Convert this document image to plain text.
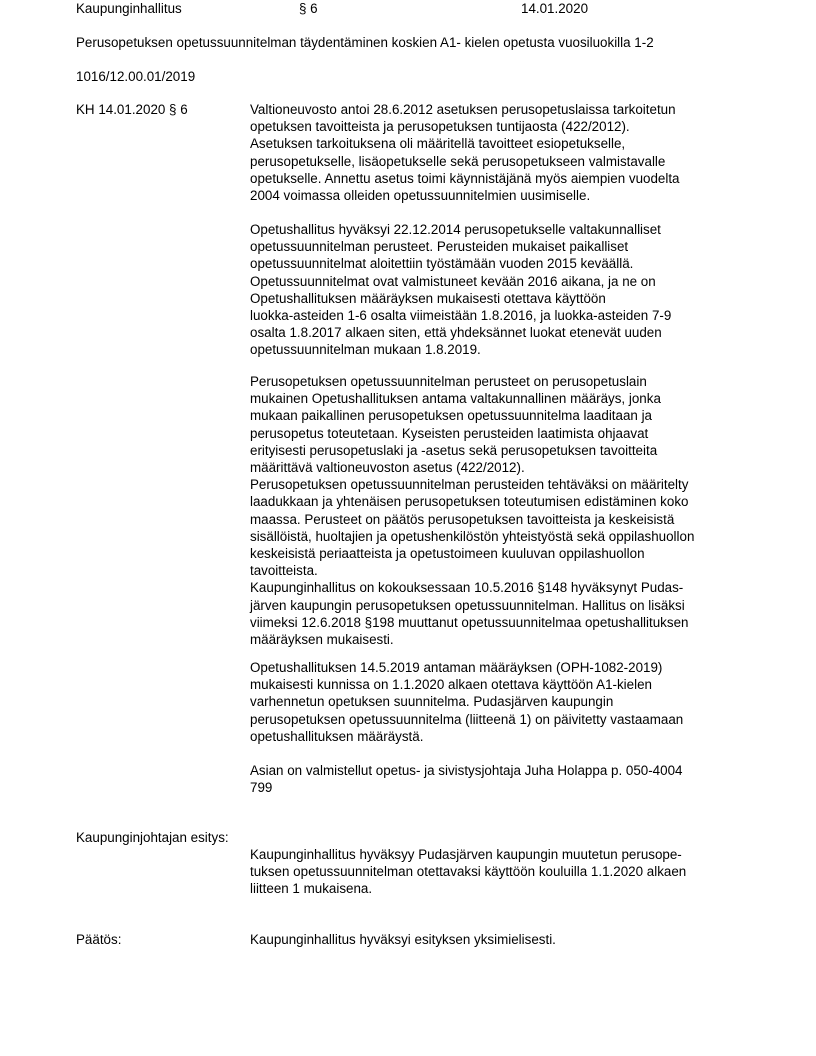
Kaupunginhallitus	§ 6	14.01.2020
Perusopetuksen opetussuunnitelman täydentäminen koskien A1- kielen opetusta vuosiluokilla 1-2
1016/12.00.01/2019
KH 14.01.2020 § 6	Valtioneuvosto antoi 28.6.2012 asetuksen perusopetuslaissa tarkoitetun
opetuksen tavoitteista ja perusopetuksen tuntijaosta (422/2012).
Asetuksen tarkoituksena oli määritellä tavoitteet esiopetukselle,
perusopetukselle, lisäopetukselle sekä perusopetukseen valmistavalle
opetukselle. Annettu asetus toimi käynnistäjänä myös aiempien vuodelta
2004 voimassa olleiden opetussuunnitelmien uusimiselle.
Opetushallitus hyväksyi 22.12.2014 perusopetukselle valtakunnalliset
opetussuunnitelman perusteet. Perusteiden mukaiset paikalliset
opetussuunnitelmat aloitettiin työstämään vuoden 2015 keväällä.
Opetussuunnitelmat ovat valmistuneet kevään 2016 aikana, ja ne on
Opetushallituksen määräyksen mukaisesti otettava käyttöön
luokka-asteiden 1-6 osalta viimeistään 1.8.2016, ja luokka-asteiden 7-9
osalta 1.8.2017 alkaen siten, että yhdeksännet luokat etenevät uuden
opetussuunnitelman mukaan 1.8.2019.
Perusopetuksen opetussuunnitelman perusteet on perusopetuslain
mukainen Opetushallituksen antama valtakunnallinen määräys, jonka
mukaan paikallinen perusopetuksen opetussuunnitelma laaditaan ja
perusopetus toteutetaan. Kyseisten perusteiden laatimista ohjaavat
erityisesti perusopetuslaki ja -asetus sekä perusopetuksen tavoitteita
määrittävä valtioneuvoston asetus (422/2012).
Perusopetuksen opetussuunnitelman perusteiden tehtäväksi on määritelty
laadukkaan ja yhtenäisen perusopetuksen toteutumisen edistäminen koko
maassa. Perusteet on päätös perusopetuksen tavoitteista ja keskeisistä
sisällöistä, huoltajien ja opetushenkilöstön yhteistyöstä sekä oppilashuollon
keskeisistä periaatteista ja opetustoimeen kuuluvan oppilashuollon
tavoitteista.
Kaupunginhallitus on kokouksessaan 10.5.2016 §148 hyväksynyt Pudas-
järven kaupungin perusopetuksen opetussuunnitelman. Hallitus on lisäksi
viimeksi 12.6.2018 §198 muuttanut opetussuunnitelmaa opetushallituksen
määräyksen mukaisesti.
Opetushallituksen 14.5.2019 antaman määräyksen (OPH-1082-2019)
mukaisesti kunnissa on 1.1.2020 alkaen otettava käyttöön A1-kielen
varhennetun opetuksen suunnitelma. Pudasjärven kaupungin
perusopetuksen opetussuunnitelma (liitteenä 1) on päivitetty vastaamaan
opetushallituksen määräystä.
Asian on valmistellut opetus- ja sivistysjohtaja Juha Holappa p. 050-4004
799
Kaupunginjohtajan esitys:
Kaupunginhallitus hyväksyy Pudasjärven kaupungin muutetun perusope-
tuksen opetussuunnitelman otettavaksi käyttöön kouluilla 1.1.2020 alkaen
liitteen 1 mukaisena.
Päätös:	Kaupunginhallitus hyväksyi esityksen yksimielisesti.
